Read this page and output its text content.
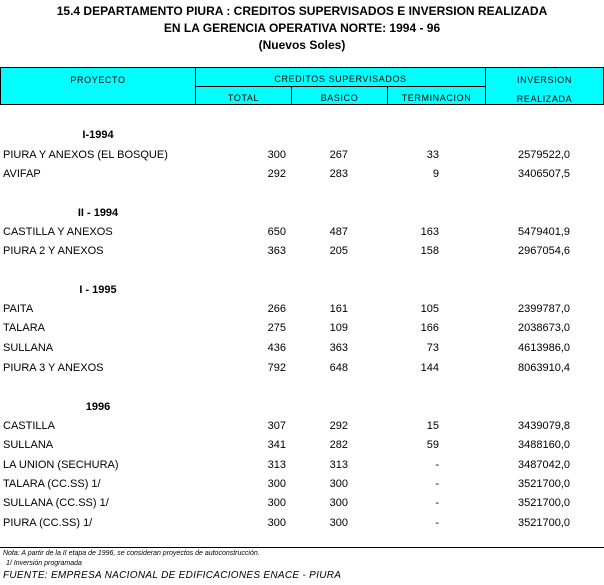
15.4 DEPARTAMENTO PIURA : CREDITOS SUPERVISADOS E INVERSION REALIZADA
EN LA GERENCIA OPERATIVA NORTE: 1994 - 96
(Nuevos Soles)
PROYECTO	CREDITOS SUPERVISADOS
TOTAL	BASICO	TERMINACION
INVERSION
REALIZADA
I-1994
PIURA Y ANEXOS (EL BOSQUE)	300	267	33	2579522,0
AVIFAP	292	283	9	3406507,5
II - 1994
CASTILLA Y ANEXOS	650	487	163	5479401,9
PIURA 2 Y ANEXOS	363	205	158	2967054,6
I - 1995
PAITA	266	161	105	2399787,0
TALARA	275	109	166	2038673,0
SULLANA	436	363	73	4613986,0
PIURA 3 Y ANEXOS	792	648	144	8063910,4
1996
CASTILLA	307	292	15	3439079,8
SULLANA	341	282	59	3488160,0
LA UNION (SECHURA)	313	313	-	3487042,0
TALARA (CC.SS) 1/	300	300	-	3521700,0
SULLANA (CC.SS) 1/	300	300	-	3521700,0
PIURA (CC.SS) 1/	300	300	-	3521700,0
Nota: A partir de la II etapa de 1996, se consideran proyectos de autoconstrucción.
1/ Inversión programada
FUENTE: EMPRESA NACIONAL DE EDIFICACIONES ENACE - PIURA
